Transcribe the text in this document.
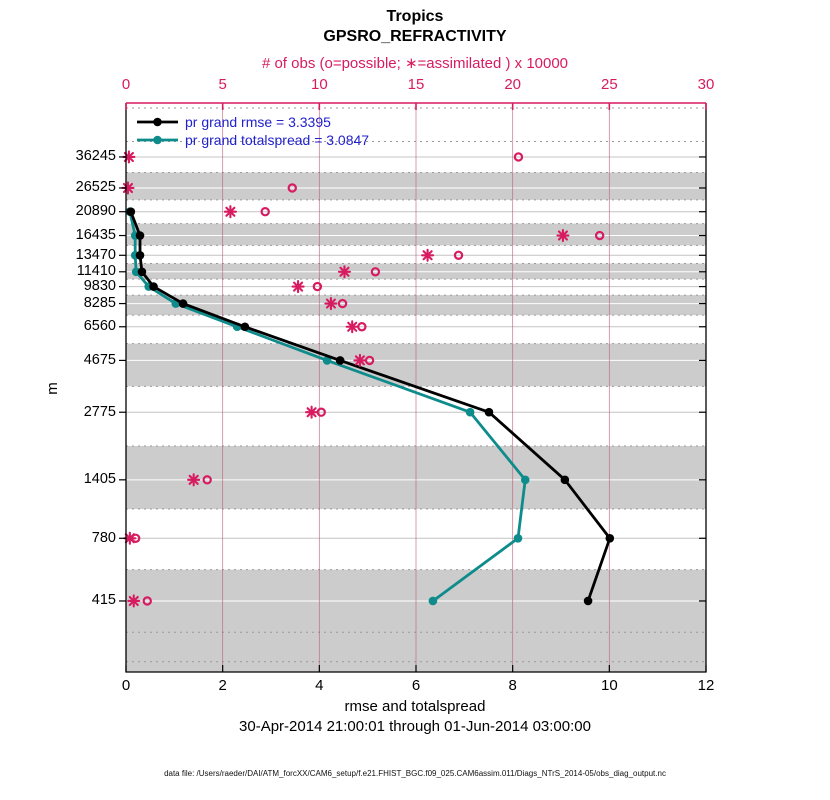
Tropics
GPSRO_REFRACTIVITY
# of obs (o=possible; ∗=assimilated ) x 10000
pr grand rmse = 3.3395
pr grand totalspread = 3.0847
m
415
780
1405
2775
4675
6560
8285
9830
11410
13470
16435
20890
26525
36245
0	2	4	6	8	10	12
0	5	10	15	20	25	30
rmse and totalspread
30-Apr-2014 21:00:01 through 01-Jun-2014 03:00:00
data file: /Users/raeder/DAI/ATM_forcXX/CAM6_setup/f.e21.FHIST_BGC.f09_025.CAM6assim.011/Diags_NTrS_2014-05/obs_diag_output.nc
